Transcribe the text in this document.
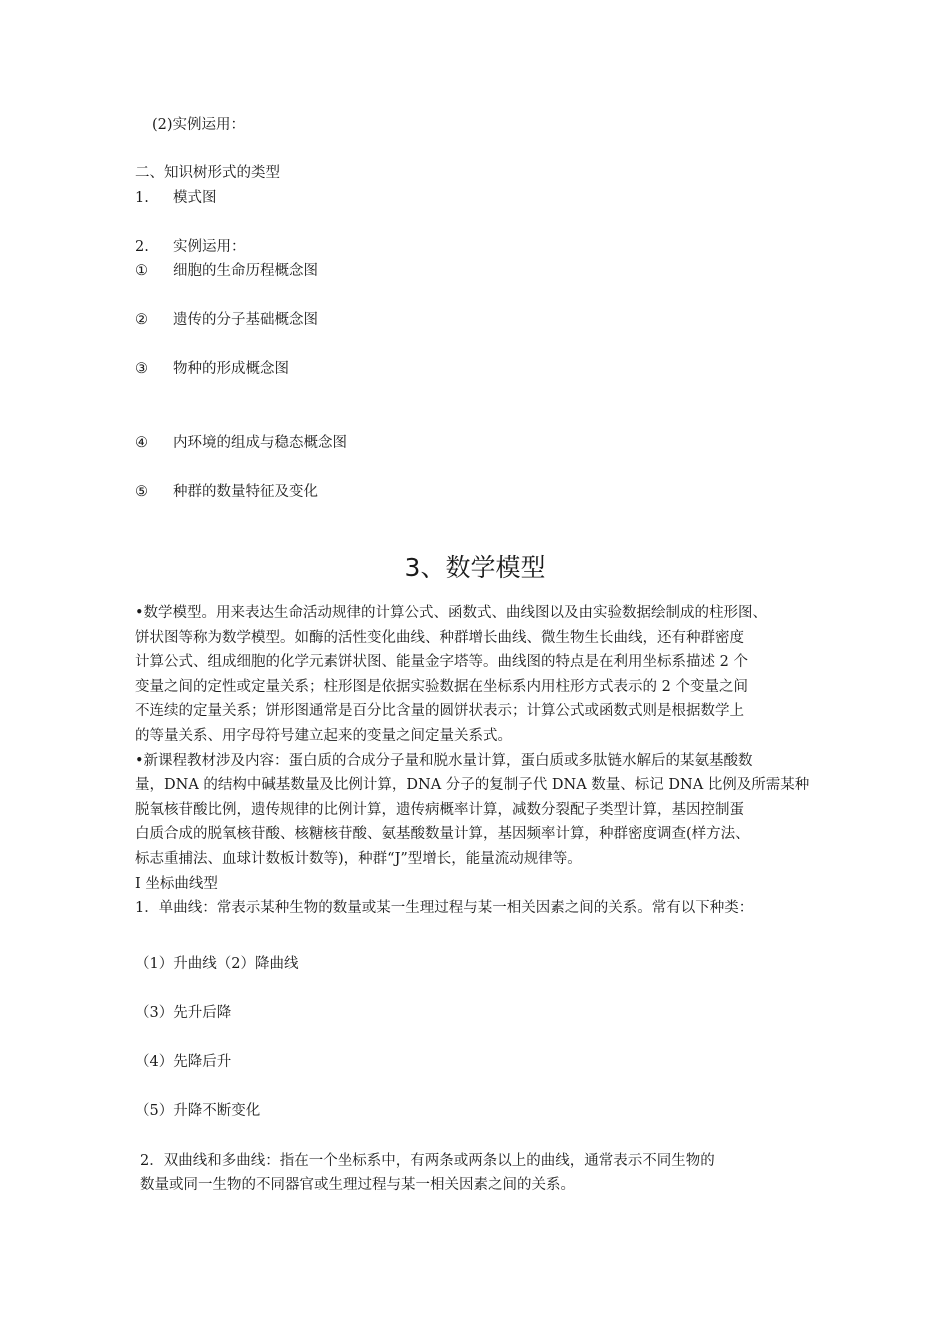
(2)实例运用：
二、知识树形式的类型
1. 模式图
2. 实例运用：
① 细胞的生命历程概念图
② 遗传的分子基础概念图
③ 物种的形成概念图
④ 内环境的组成与稳态概念图
⑤ 种群的数量特征及变化
3、数学模型

•数学模型。用来表达生命活动规律的计算公式、函数式、曲线图以及由实验数据绘制成的柱形图、

饼状图等称为数学模型。如酶的活性变化曲线、种群增长曲线、微生物生长曲线，还有种群密度

计算公式、组成细胞的化学元素饼状图、能量金字塔等。曲线图的特点是在利用坐标系描述 2 个

变量之间的定性或定量关系；柱形图是依据实验数据在坐标系内用柱形方式表示的 2 个变量之间

不连续的定量关系；饼形图通常是百分比含量的圆饼状表示；计算公式或函数式则是根据数学上

的等量关系、用字母符号建立起来的变量之间定量关系式。

•新课程教材涉及内容：蛋白质的合成分子量和脱水量计算，蛋白质或多肽链水解后的某氨基酸数

量，DNA 的结构中碱基数量及比例计算，DNA 分子的复制子代 DNA 数量、标记 DNA 比例及所需某种

脱氧核苷酸比例，遗传规律的比例计算，遗传病概率计算，减数分裂配子类型计算，基因控制蛋

白质合成的脱氧核苷酸、核糖核苷酸、氨基酸数量计算，基因频率计算，种群密度调查(样方法、

标志重捕法、血球计数板计数等)，种群“J”型增长，能量流动规律等。

I 坐标曲线型

1．单曲线：常表示某种生物的数量或某一生理过程与某一相关因素之间的关系。常有以下种类：

（1）升曲线（2）降曲线
（3）先升后降
（4）先降后升
（5）升降不断变化
2．双曲线和多曲线：指在一个坐标系中，有两条或两条以上的曲线，通常表示不同生物的
数量或同一生物的不同器官或生理过程与某一相关因素之间的关系。
